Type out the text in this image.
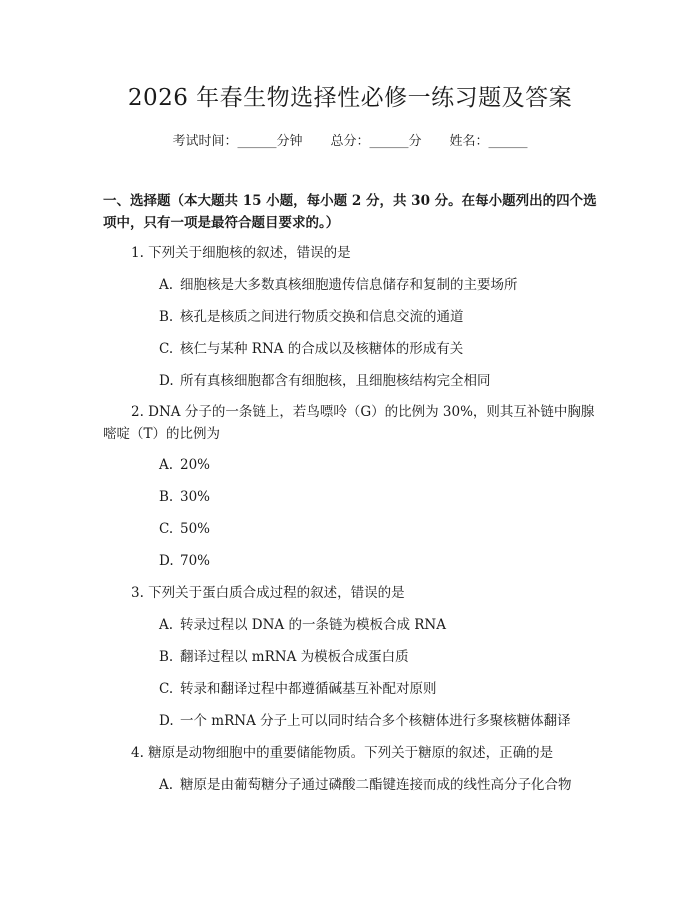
2026 年春生物选择性必修一练习题及答案
考试时间：______分钟 总分：______分 姓名：______
一、选择题（本大题共 15 小题，每小题 2 分，共 30 分。在每小题列出的四个选项中，只有一项是最符合题目要求的。）
1. 下列关于细胞核的叙述，错误的是
A. 细胞核是大多数真核细胞遗传信息储存和复制的主要场所
B. 核孔是核质之间进行物质交换和信息交流的通道
C. 核仁与某种 RNA 的合成以及核糖体的形成有关
D. 所有真核细胞都含有细胞核，且细胞核结构完全相同
2. DNA 分子的一条链上，若鸟嘌呤（G）的比例为 30%，则其互补链中胸腺嘧啶（T）的比例为
A. 20%
B. 30%
C. 50%
D. 70%
3. 下列关于蛋白质合成过程的叙述，错误的是
A. 转录过程以 DNA 的一条链为模板合成 RNA
B. 翻译过程以 mRNA 为模板合成蛋白质
C. 转录和翻译过程中都遵循碱基互补配对原则
D. 一个 mRNA 分子上可以同时结合多个核糖体进行多聚核糖体翻译
4. 糖原是动物细胞中的重要储能物质。下列关于糖原的叙述，正确的是
A. 糖原是由葡萄糖分子通过磷酸二酯键连接而成的线性高分子化合物
